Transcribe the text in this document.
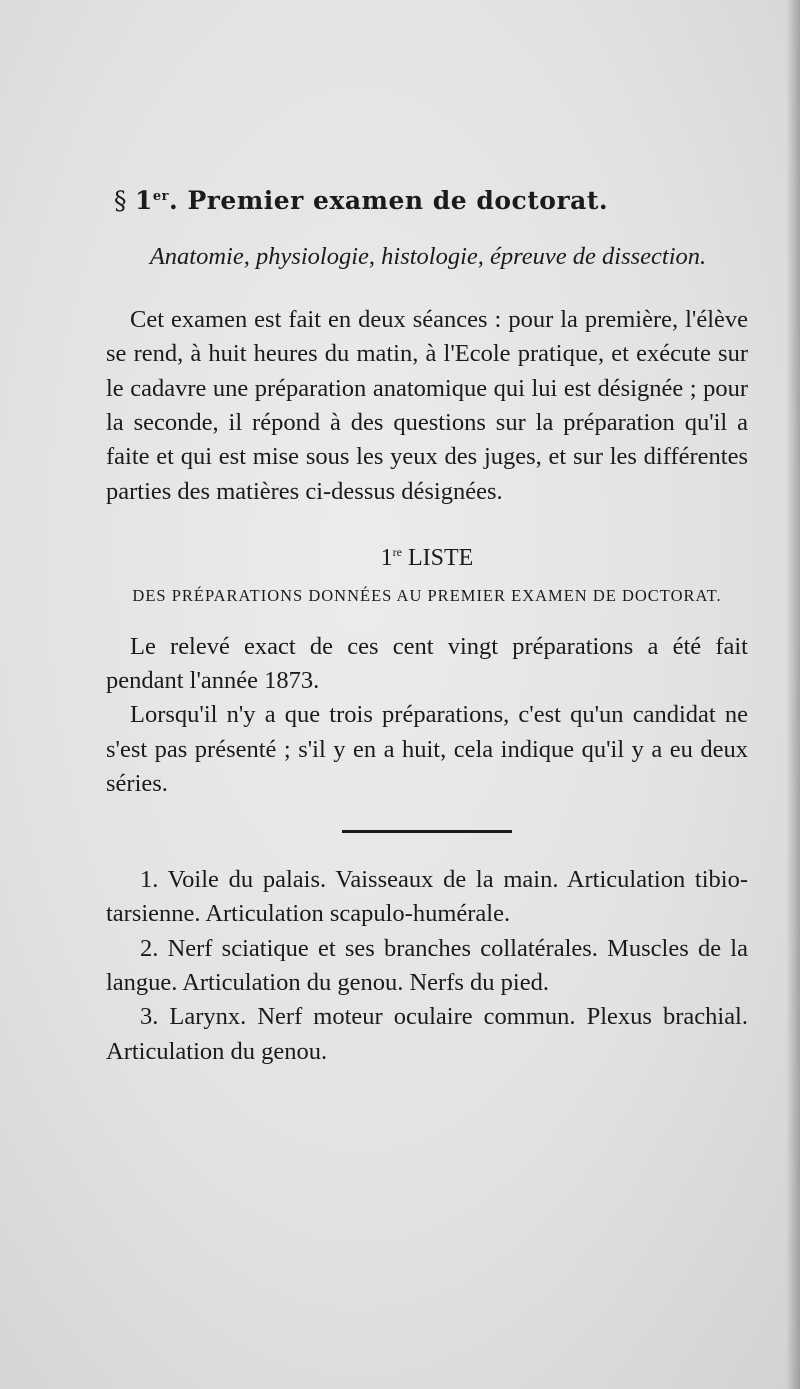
§ 1er. Premier examen de doctorat.

Anatomie, physiologie, histologie, épreuve de dissection.

Cet examen est fait en deux séances : pour la première, l'élève se rend, à huit heures du matin, à l'Ecole pratique, et exécute sur le cadavre une préparation anatomique qui lui est désignée ; pour la seconde, il répond à des questions sur la préparation qu'il a faite et qui est mise sous les yeux des juges, et sur les différentes parties des matières ci-dessus désignées.

1re LISTE
DES PRÉPARATIONS DONNÉES AU PREMIER EXAMEN DE DOCTORAT.

Le relevé exact de ces cent vingt préparations a été fait pendant l'année 1873.

Lorsqu'il n'y a que trois préparations, c'est qu'un candidat ne s'est pas présenté ; s'il y en a huit, cela indique qu'il y a eu deux séries.

1. Voile du palais. Vaisseaux de la main. Articulation tibio-tarsienne. Articulation scapulo-humérale.

2. Nerf sciatique et ses branches collatérales. Muscles de la langue. Articulation du genou. Nerfs du pied.

3. Larynx. Nerf moteur oculaire commun. Plexus brachial. Articulation du genou.
